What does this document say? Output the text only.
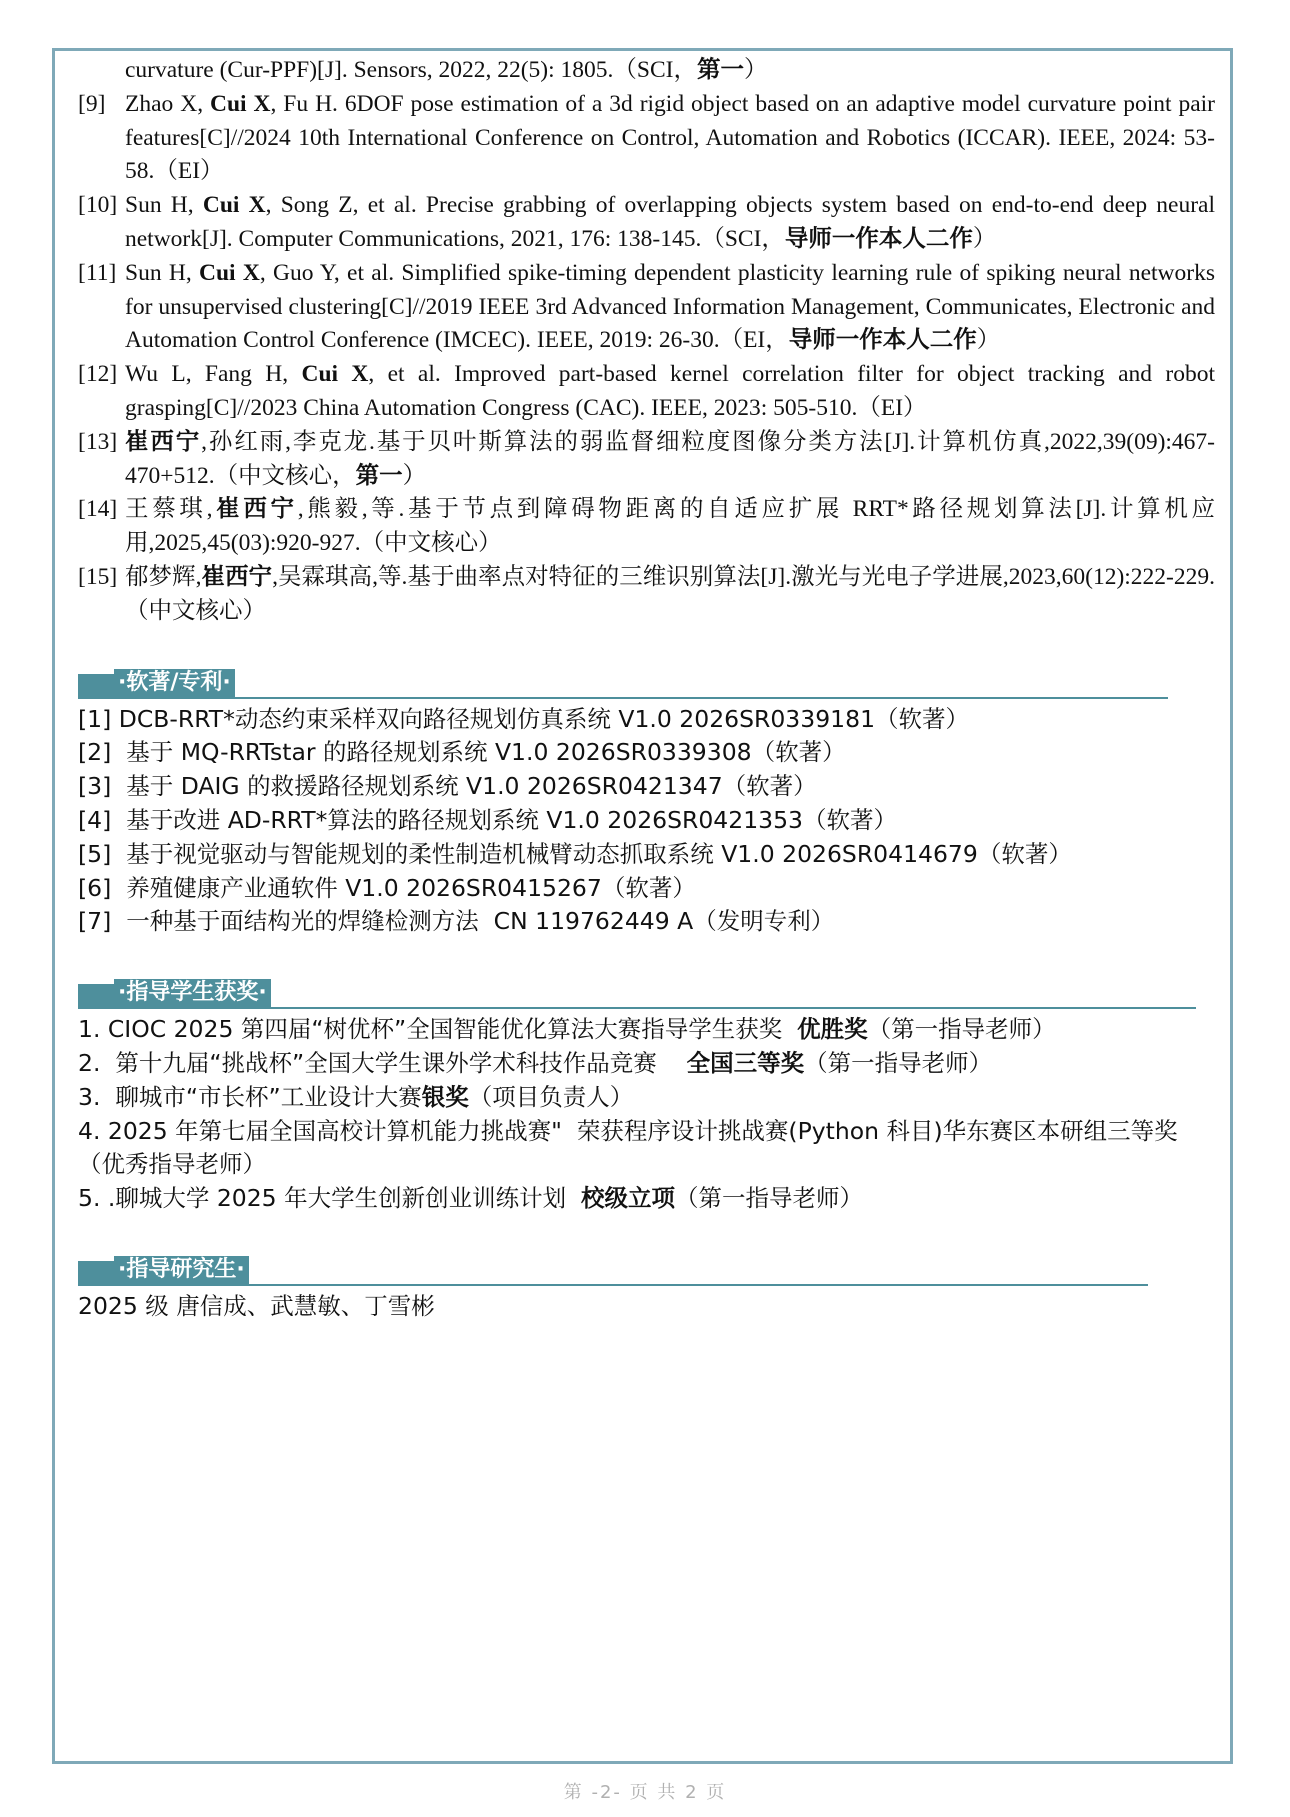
curvature (Cur-PPF)[J]. Sensors, 2022, 22(5): 1805.（SCI，第一）
[9] Zhao X, Cui X, Fu H. 6DOF pose estimation of a 3d rigid object based on an adaptive model curvature point pair features[C]//2024 10th International Conference on Control, Automation and Robotics (ICCAR). IEEE, 2024: 53-58.（EI）
[10] Sun H, Cui X, Song Z, et al. Precise grabbing of overlapping objects system based on end-to-end deep neural network[J]. Computer Communications, 2021, 176: 138-145.（SCI，导师一作本人二作）
[11] Sun H, Cui X, Guo Y, et al. Simplified spike-timing dependent plasticity learning rule of spiking neural networks for unsupervised clustering[C]//2019 IEEE 3rd Advanced Information Management, Communicates, Electronic and Automation Control Conference (IMCEC). IEEE, 2019: 26-30.（EI，导师一作本人二作）
[12] Wu L, Fang H, Cui X, et al. Improved part-based kernel correlation filter for object tracking and robot grasping[C]//2023 China Automation Congress (CAC). IEEE, 2023: 505-510.（EI）
[13] 崔西宁,孙红雨,李克龙.基于贝叶斯算法的弱监督细粒度图像分类方法[J].计算机仿真,2022,39(09):467-470+512.（中文核心，第一）
[14] 王蔡琪,崔西宁,熊毅,等.基于节点到障碍物距离的自适应扩展 RRT*路径规划算法[J].计算机应用,2025,45(03):920-927.（中文核心）
[15] 郁梦辉,崔西宁,吴霖琪高,等.基于曲率点对特征的三维识别算法[J].激光与光电子学进展,2023,60(12):222-229.（中文核心）
·软著/专利·
[1] DCB-RRT*动态约束采样双向路径规划仿真系统 V1.0 2026SR0339181（软著）
[2]  基于 MQ-RRTstar 的路径规划系统 V1.0 2026SR0339308（软著）
[3]  基于 DAIG 的救援路径规划系统 V1.0 2026SR0421347（软著）
[4]  基于改进 AD-RRT*算法的路径规划系统 V1.0 2026SR0421353（软著）
[5]  基于视觉驱动与智能规划的柔性制造机械臂动态抓取系统 V1.0 2026SR0414679（软著）
[6]  养殖健康产业通软件 V1.0 2026SR0415267（软著）
[7]  一种基于面结构光的焊缝检测方法  CN 119762449 A（发明专利）
·指导学生获奖·
1. CIOC 2025 第四届“树优杯”全国智能优化算法大赛指导学生获奖  优胜奖（第一指导老师）
2.  第十九届“挑战杯”全国大学生课外学术科技作品竞赛    全国三等奖（第一指导老师）
3.  聊城市“市长杯”工业设计大赛银奖（项目负责人）
4. 2025 年第七届全国高校计算机能力挑战赛"  荣获程序设计挑战赛(Python 科目)华东赛区本研组三等奖（优秀指导老师）
5. .聊城大学 2025 年大学生创新创业训练计划  校级立项（第一指导老师）
·指导研究生·
2025 级 唐信成、武慧敏、丁雪彬
第 -2- 页 共 2 页
